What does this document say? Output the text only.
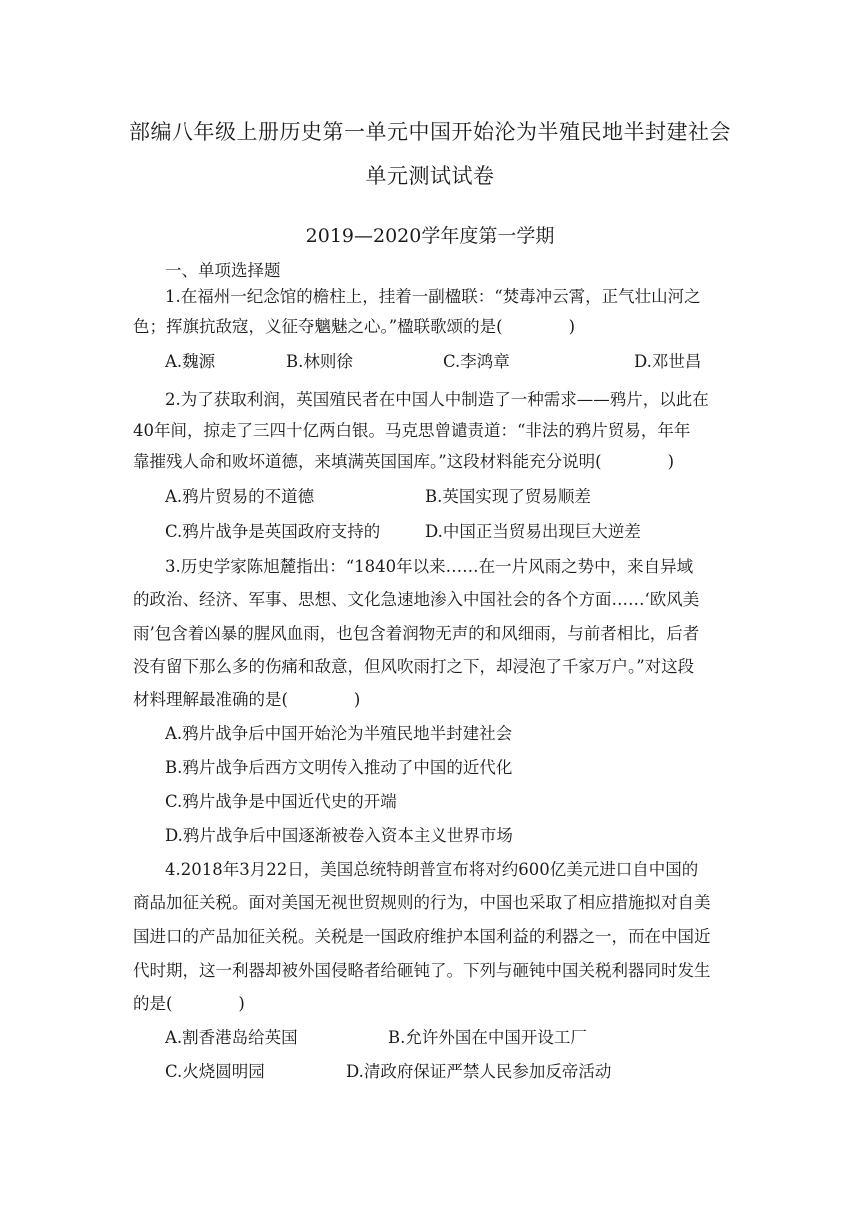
部编八年级上册历史第一单元中国开始沦为半殖民地半封建社会
单元测试试卷
2019—2020学年度第一学期
一、单项选择题
1.在福州一纪念馆的檐柱上，挂着一副楹联：“焚毒冲云霄，正气壮山河之
色；挥旗抗敌寇，义征夺魑魅之心。”楹联歌颂的是(　　　　)
A.魏源	B.林则徐	C.李鸿章	D.邓世昌
2.为了获取利润，英国殖民者在中国人中制造了一种需求——鸦片，以此在
40年间，掠走了三四十亿两白银。马克思曾谴责道：“非法的鸦片贸易，年年
靠摧残人命和败坏道德，来填满英国国库。”这段材料能充分说明(　　　　)
A.鸦片贸易的不道德	B.英国实现了贸易顺差
C.鸦片战争是英国政府支持的	D.中国正当贸易出现巨大逆差
3.历史学家陈旭麓指出：“1840年以来……在一片风雨之势中，来自异域
的政治、经济、军事、思想、文化急速地渗入中国社会的各个方面……‘欧风美
雨’包含着凶暴的腥风血雨，也包含着润物无声的和风细雨，与前者相比，后者
没有留下那么多的伤痛和敌意，但风吹雨打之下，却浸泡了千家万户。”对这段
材料理解最准确的是(　　　　)
A.鸦片战争后中国开始沦为半殖民地半封建社会
B.鸦片战争后西方文明传入推动了中国的近代化
C.鸦片战争是中国近代史的开端
D.鸦片战争后中国逐渐被卷入资本主义世界市场
4.2018年3月22日，美国总统特朗普宣布将对约600亿美元进口自中国的
商品加征关税。面对美国无视世贸规则的行为，中国也采取了相应措施拟对自美
国进口的产品加征关税。关税是一国政府维护本国利益的利器之一，而在中国近
代时期，这一利器却被外国侵略者给砸钝了。下列与砸钝中国关税利器同时发生
的是(　　　　)
A.割香港岛给英国	B.允许外国在中国开设工厂
C.火烧圆明园	D.清政府保证严禁人民参加反帝活动
